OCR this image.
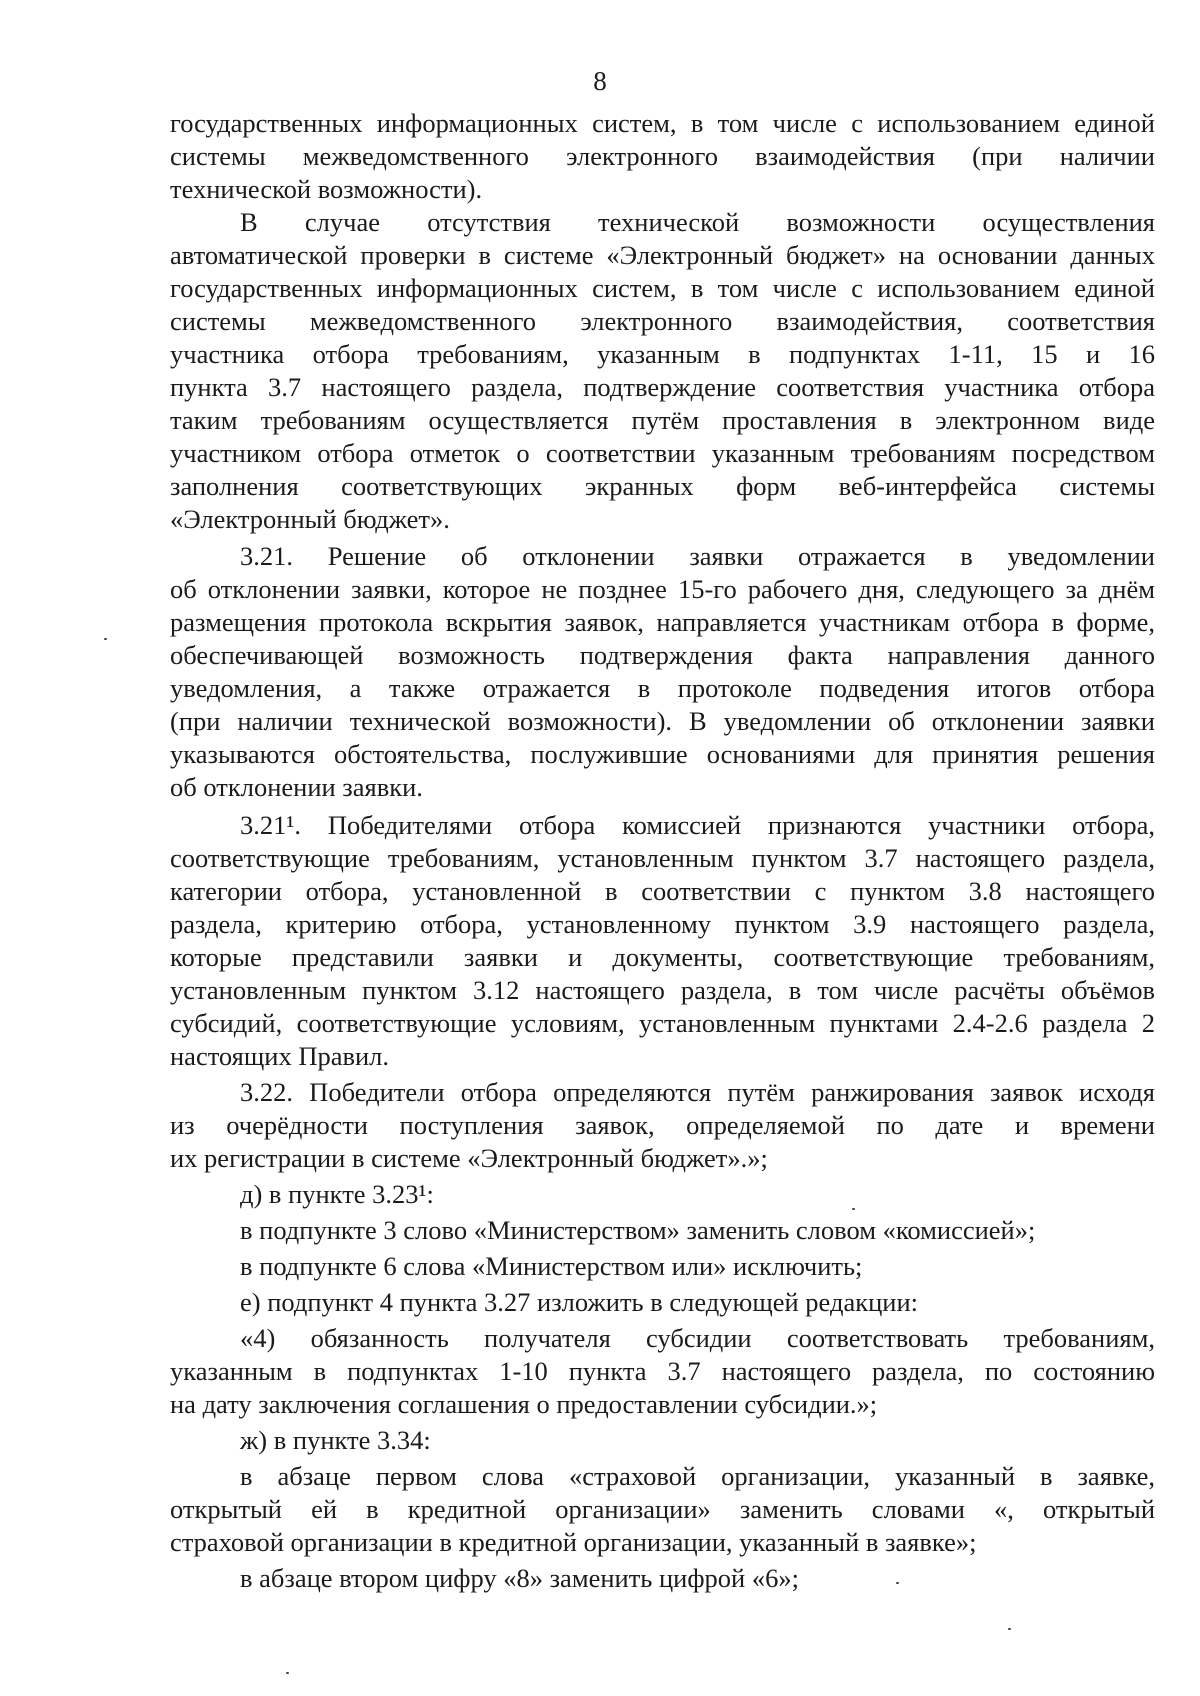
8
государственных информационных систем, в том числе с использованием единой
системы межведомственного электронного взаимодействия (при наличии
технической возможности).
В случае отсутствия технической возможности осуществления
автоматической проверки в системе «Электронный бюджет» на основании данных
государственных информационных систем, в том числе с использованием единой
системы межведомственного электронного взаимодействия, соответствия
участника отбора требованиям, указанным в подпунктах 1-11, 15 и 16
пункта 3.7 настоящего раздела, подтверждение соответствия участника отбора
таким требованиям осуществляется путём проставления в электронном виде
участником отбора отметок о соответствии указанным требованиям посредством
заполнения соответствующих экранных форм веб-интерфейса системы
«Электронный бюджет».
3.21. Решение об отклонении заявки отражается в уведомлении
об отклонении заявки, которое не позднее 15-го рабочего дня, следующего за днём
размещения протокола вскрытия заявок, направляется участникам отбора в форме,
обеспечивающей возможность подтверждения факта направления данного
уведомления, а также отражается в протоколе подведения итогов отбора
(при наличии технической возможности). В уведомлении об отклонении заявки
указываются обстоятельства, послужившие основаниями для принятия решения
об отклонении заявки.
3.21¹. Победителями отбора комиссией признаются участники отбора,
соответствующие требованиям, установленным пунктом 3.7 настоящего раздела,
категории отбора, установленной в соответствии с пунктом 3.8 настоящего
раздела, критерию отбора, установленному пунктом 3.9 настоящего раздела,
которые представили заявки и документы, соответствующие требованиям,
установленным пунктом 3.12 настоящего раздела, в том числе расчёты объёмов
субсидий, соответствующие условиям, установленным пунктами 2.4-2.6 раздела 2
настоящих Правил.
3.22. Победители отбора определяются путём ранжирования заявок исходя
из очерёдности поступления заявок, определяемой по дате и времени
их регистрации в системе «Электронный бюджет».»;
д) в пункте 3.23¹:
в подпункте 3 слово «Министерством» заменить словом «комиссией»;
в подпункте 6 слова «Министерством или» исключить;
е) подпункт 4 пункта 3.27 изложить в следующей редакции:
«4) обязанность получателя субсидии соответствовать требованиям,
указанным в подпунктах 1-10 пункта 3.7 настоящего раздела, по состоянию
на дату заключения соглашения о предоставлении субсидии.»;
ж) в пункте 3.34:
в абзаце первом слова «страховой организации, указанный в заявке,
открытый ей в кредитной организации» заменить словами «, открытый
страховой организации в кредитной организации, указанный в заявке»;
в абзаце втором цифру «8» заменить цифрой «6»;
